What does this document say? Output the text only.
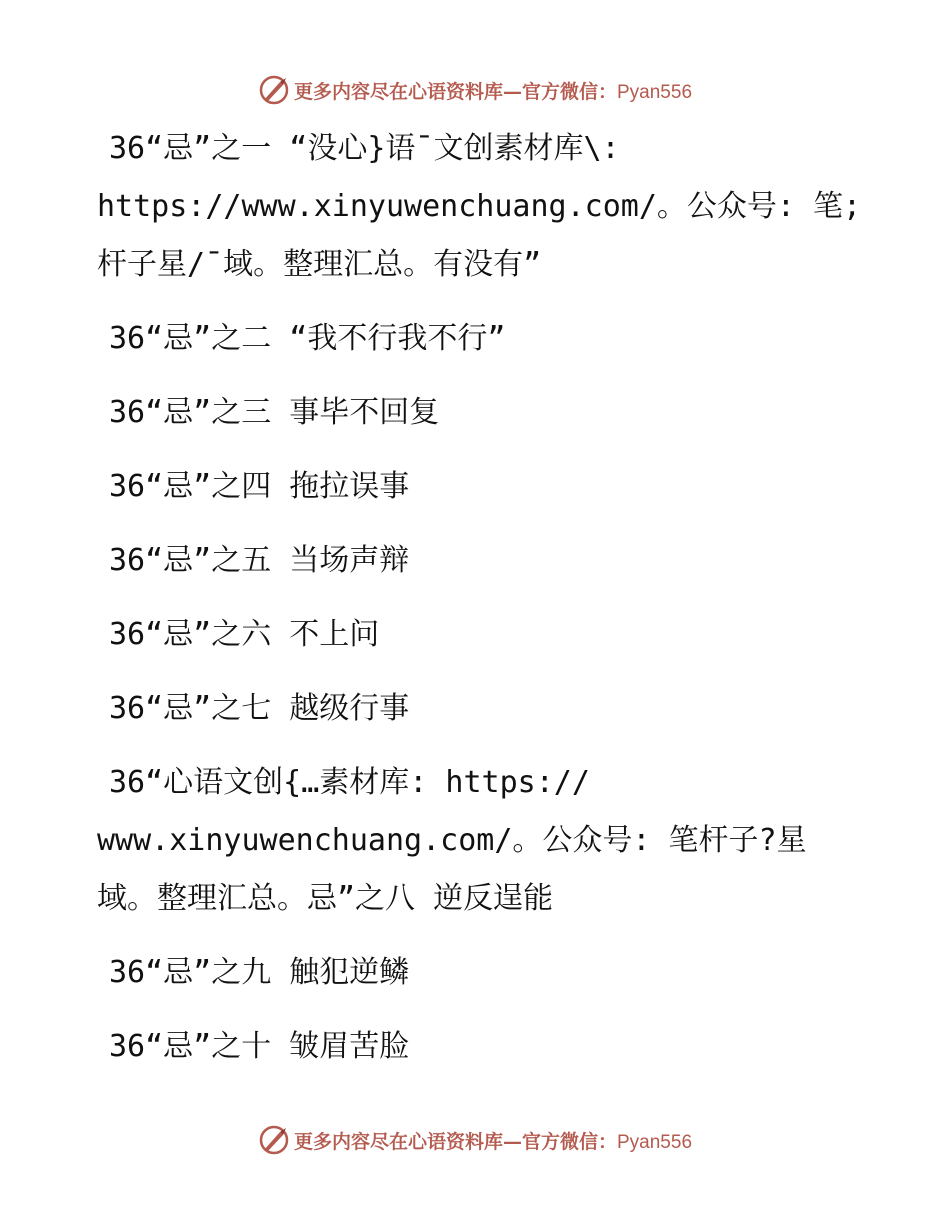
更多内容尽在心语资料库—官方微信：Pyan556

36“忌”之一 “没心}语¯文创素材库\:

https://www.xinyuwenchuang.com/。公众号: 笔;

杆子星/¯域。整理汇总。有没有”

36“忌”之二 “我不行我不行”

36“忌”之三 事毕不回复

36“忌”之四 拖拉误事

36“忌”之五 当场声辩

36“忌”之六 不上问

36“忌”之七 越级行事

36“心语文创{…素材库: https://

www.xinyuwenchuang.com/。公众号: 笔杆子?星

域。整理汇总。忌”之八 逆反逞能

36“忌”之九 触犯逆鳞

36“忌”之十 皱眉苦脸

更多内容尽在心语资料库—官方微信：Pyan556
